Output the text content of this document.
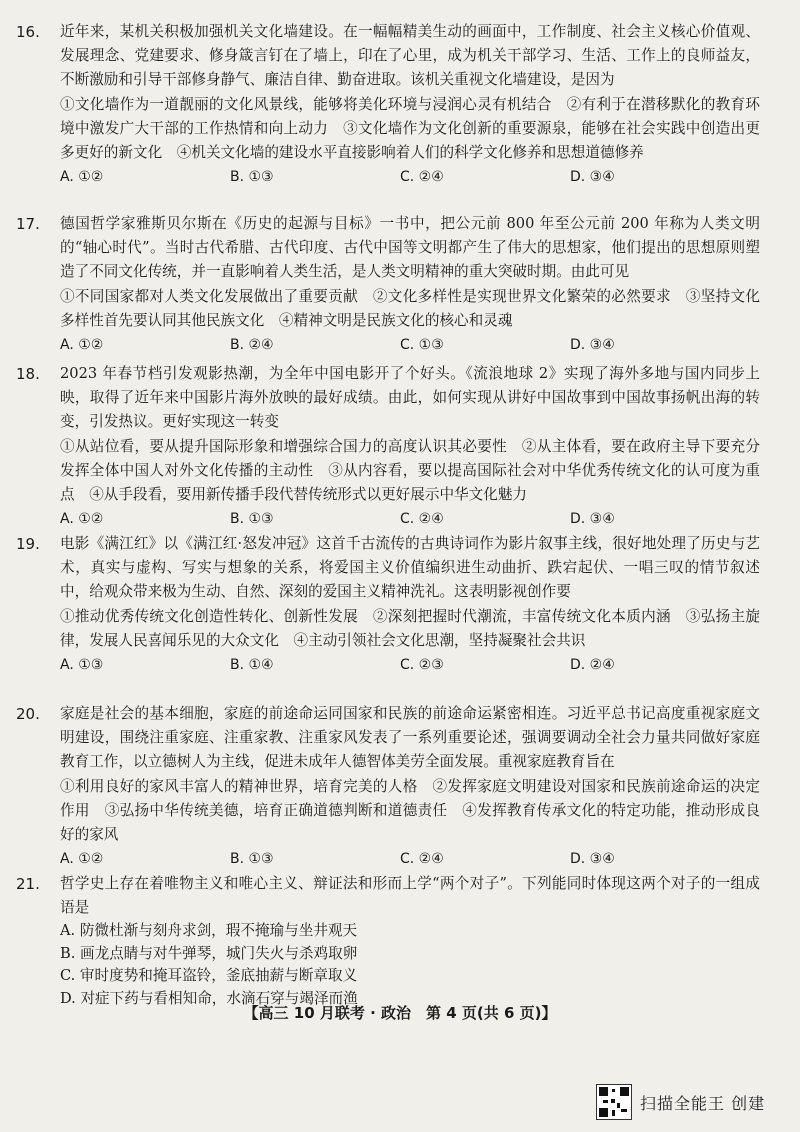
16. 近年来，某机关积极加强机关文化墙建设。在一幅幅精美生动的画面中，工作制度、社会主义核心价值观、发展理念、党建要求、修身箴言钉在了墙上，印在了心里，成为机关干部学习、生活、工作上的良师益友，不断激励和引导干部修身静气、廉洁自律、勤奋进取。该机关重视文化墙建设，是因为

①文化墙作为一道靓丽的文化风景线，能够将美化环境与浸润心灵有机结合　②有利于在潜移默化的教育环境中激发广大干部的工作热情和向上动力　③文化墙作为文化创新的重要源泉，能够在社会实践中创造出更多更好的新文化　④机关文化墙的建设水平直接影响着人们的科学文化修养和思想道德修养

A. ①②	B. ①③	C. ②④	D. ③④
17. 德国哲学家雅斯贝尔斯在《历史的起源与目标》一书中，把公元前 800 年至公元前 200 年称为人类文明的“轴心时代”。当时古代希腊、古代印度、古代中国等文明都产生了伟大的思想家，他们提出的思想原则塑造了不同文化传统，并一直影响着人类生活，是人类文明精神的重大突破时期。由此可见

①不同国家都对人类文化发展做出了重要贡献　②文化多样性是实现世界文化繁荣的必然要求　③坚持文化多样性首先要认同其他民族文化　④精神文明是民族文化的核心和灵魂

A. ①②	B. ②④	C. ①③	D. ③④
18. 2023 年春节档引发观影热潮，为全年中国电影开了个好头。《流浪地球 2》实现了海外多地与国内同步上映，取得了近年来中国影片海外放映的最好成绩。由此，如何实现从讲好中国故事到中国故事扬帆出海的转变，引发热议。更好实现这一转变

①从站位看，要从提升国际形象和增强综合国力的高度认识其必要性　②从主体看，要在政府主导下要充分发挥全体中国人对外文化传播的主动性　③从内容看，要以提高国际社会对中华优秀传统文化的认可度为重点　④从手段看，要用新传播手段代替传统形式以更好展示中华文化魅力

A. ①②	B. ①③	C. ②④	D. ③④
19. 电影《满江红》以《满江红·怒发冲冠》这首千古流传的古典诗词作为影片叙事主线，很好地处理了历史与艺术，真实与虚构、写实与想象的关系，将爱国主义价值编织进生动曲折、跌宕起伏、一唱三叹的情节叙述中，给观众带来极为生动、自然、深刻的爱国主义精神洗礼。这表明影视创作要

①推动优秀传统文化创造性转化、创新性发展　②深刻把握时代潮流，丰富传统文化本质内涵　③弘扬主旋律，发展人民喜闻乐见的大众文化　④主动引领社会文化思潮，坚持凝聚社会共识

A. ①③	B. ①④	C. ②③	D. ②④
20. 家庭是社会的基本细胞，家庭的前途命运同国家和民族的前途命运紧密相连。习近平总书记高度重视家庭文明建设，围绕注重家庭、注重家教、注重家风发表了一系列重要论述，强调要调动全社会力量共同做好家庭教育工作，以立德树人为主线，促进未成年人德智体美劳全面发展。重视家庭教育旨在

①利用良好的家风丰富人的精神世界，培育完美的人格　②发挥家庭文明建设对国家和民族前途命运的决定作用　③弘扬中华传统美德，培育正确道德判断和道德责任　④发挥教育传承文化的特定功能，推动形成良好的家风

A. ①②	B. ①③	C. ②④	D. ③④
21. 哲学史上存在着唯物主义和唯心主义、辩证法和形而上学“两个对子”。下列能同时体现这两个对子的一组成语是

A. 防微杜渐与刻舟求剑，瑕不掩瑜与坐井观天
B. 画龙点睛与对牛弹琴，城门失火与杀鸡取卵
C. 审时度势和掩耳盗铃，釜底抽薪与断章取义
D. 对症下药与看相知命，水滴石穿与竭泽而渔
【高三 10 月联考 · 政治　第 4 页(共 6 页)】
扫描全能王 创建
